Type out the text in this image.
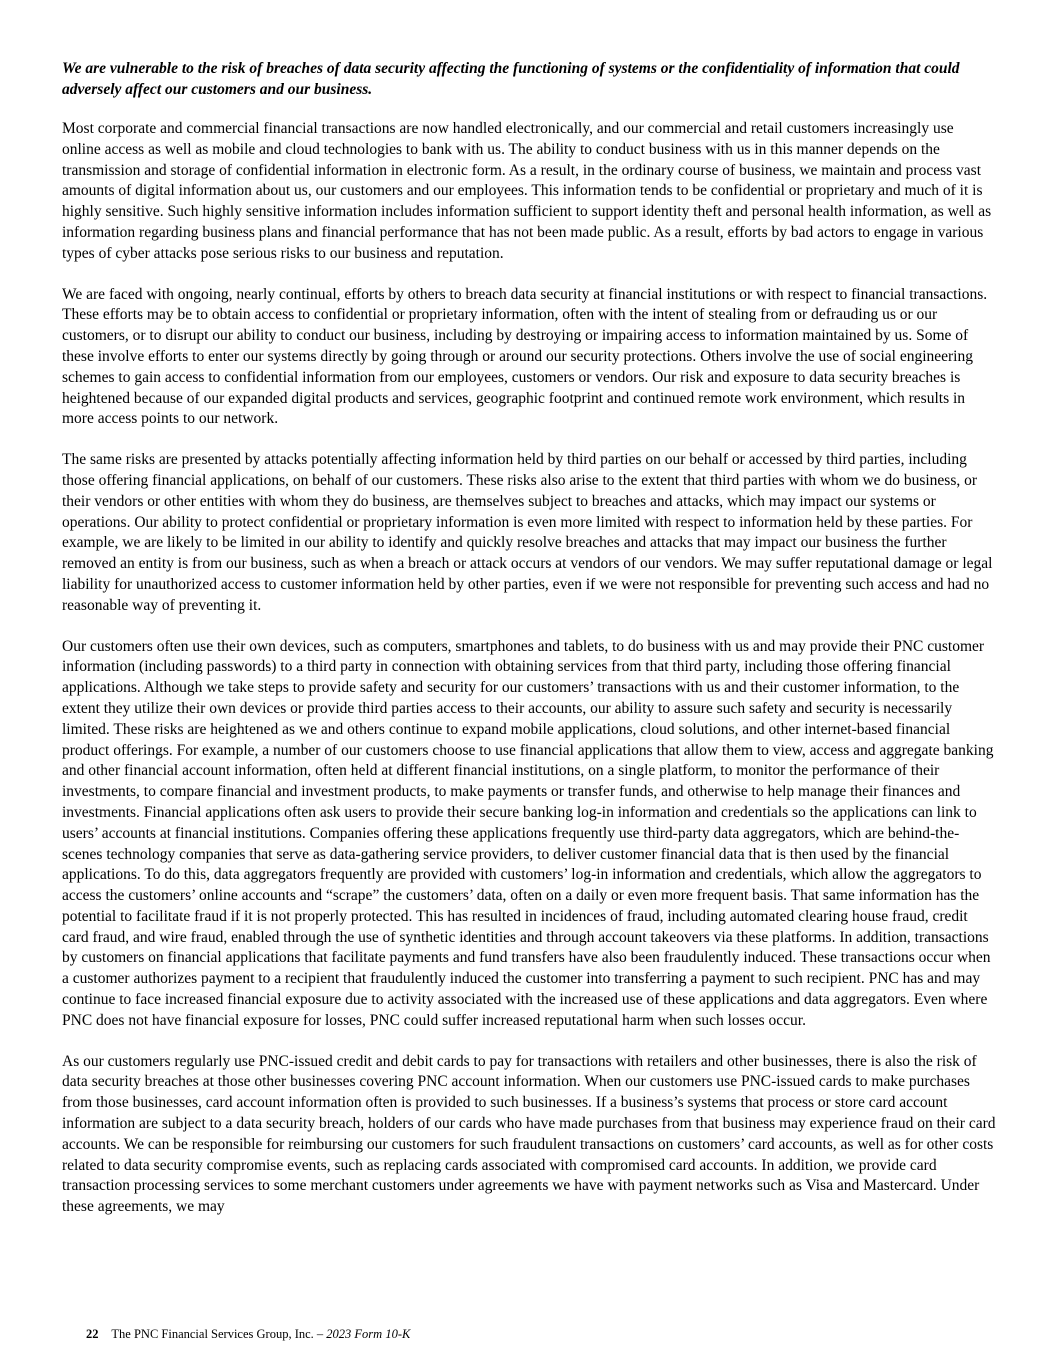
We are vulnerable to the risk of breaches of data security affecting the functioning of systems or the confidentiality of information that could adversely affect our customers and our business.

Most corporate and commercial financial transactions are now handled electronically, and our commercial and retail customers increasingly use online access as well as mobile and cloud technologies to bank with us. The ability to conduct business with us in this manner depends on the transmission and storage of confidential information in electronic form. As a result, in the ordinary course of business, we maintain and process vast amounts of digital information about us, our customers and our employees. This information tends to be confidential or proprietary and much of it is highly sensitive. Such highly sensitive information includes information sufficient to support identity theft and personal health information, as well as information regarding business plans and financial performance that has not been made public. As a result, efforts by bad actors to engage in various types of cyber attacks pose serious risks to our business and reputation.

We are faced with ongoing, nearly continual, efforts by others to breach data security at financial institutions or with respect to financial transactions. These efforts may be to obtain access to confidential or proprietary information, often with the intent of stealing from or defrauding us or our customers, or to disrupt our ability to conduct our business, including by destroying or impairing access to information maintained by us. Some of these involve efforts to enter our systems directly by going through or around our security protections. Others involve the use of social engineering schemes to gain access to confidential information from our employees, customers or vendors. Our risk and exposure to data security breaches is heightened because of our expanded digital products and services, geographic footprint and continued remote work environment, which results in more access points to our network.

The same risks are presented by attacks potentially affecting information held by third parties on our behalf or accessed by third parties, including those offering financial applications, on behalf of our customers. These risks also arise to the extent that third parties with whom we do business, or their vendors or other entities with whom they do business, are themselves subject to breaches and attacks, which may impact our systems or operations. Our ability to protect confidential or proprietary information is even more limited with respect to information held by these parties. For example, we are likely to be limited in our ability to identify and quickly resolve breaches and attacks that may impact our business the further removed an entity is from our business, such as when a breach or attack occurs at vendors of our vendors. We may suffer reputational damage or legal liability for unauthorized access to customer information held by other parties, even if we were not responsible for preventing such access and had no reasonable way of preventing it.

Our customers often use their own devices, such as computers, smartphones and tablets, to do business with us and may provide their PNC customer information (including passwords) to a third party in connection with obtaining services from that third party, including those offering financial applications. Although we take steps to provide safety and security for our customers’ transactions with us and their customer information, to the extent they utilize their own devices or provide third parties access to their accounts, our ability to assure such safety and security is necessarily limited. These risks are heightened as we and others continue to expand mobile applications, cloud solutions, and other internet-based financial product offerings. For example, a number of our customers choose to use financial applications that allow them to view, access and aggregate banking and other financial account information, often held at different financial institutions, on a single platform, to monitor the performance of their investments, to compare financial and investment products, to make payments or transfer funds, and otherwise to help manage their finances and investments. Financial applications often ask users to provide their secure banking log-in information and credentials so the applications can link to users’ accounts at financial institutions. Companies offering these applications frequently use third-party data aggregators, which are behind-the-scenes technology companies that serve as data-gathering service providers, to deliver customer financial data that is then used by the financial applications. To do this, data aggregators frequently are provided with customers’ log-in information and credentials, which allow the aggregators to access the customers’ online accounts and “scrape” the customers’ data, often on a daily or even more frequent basis. That same information has the potential to facilitate fraud if it is not properly protected. This has resulted in incidences of fraud, including automated clearing house fraud, credit card fraud, and wire fraud, enabled through the use of synthetic identities and through account takeovers via these platforms. In addition, transactions by customers on financial applications that facilitate payments and fund transfers have also been fraudulently induced. These transactions occur when a customer authorizes payment to a recipient that fraudulently induced the customer into transferring a payment to such recipient. PNC has and may continue to face increased financial exposure due to activity associated with the increased use of these applications and data aggregators. Even where PNC does not have financial exposure for losses, PNC could suffer increased reputational harm when such losses occur.

As our customers regularly use PNC-issued credit and debit cards to pay for transactions with retailers and other businesses, there is also the risk of data security breaches at those other businesses covering PNC account information. When our customers use PNC-issued cards to make purchases from those businesses, card account information often is provided to such businesses. If a business’s systems that process or store card account information are subject to a data security breach, holders of our cards who have made purchases from that business may experience fraud on their card accounts. We can be responsible for reimbursing our customers for such fraudulent transactions on customers’ card accounts, as well as for other costs related to data security compromise events, such as replacing cards associated with compromised card accounts. In addition, we provide card transaction processing services to some merchant customers under agreements we have with payment networks such as Visa and Mastercard. Under these agreements, we may

22 The PNC Financial Services Group, Inc. – 2023 Form 10-K
